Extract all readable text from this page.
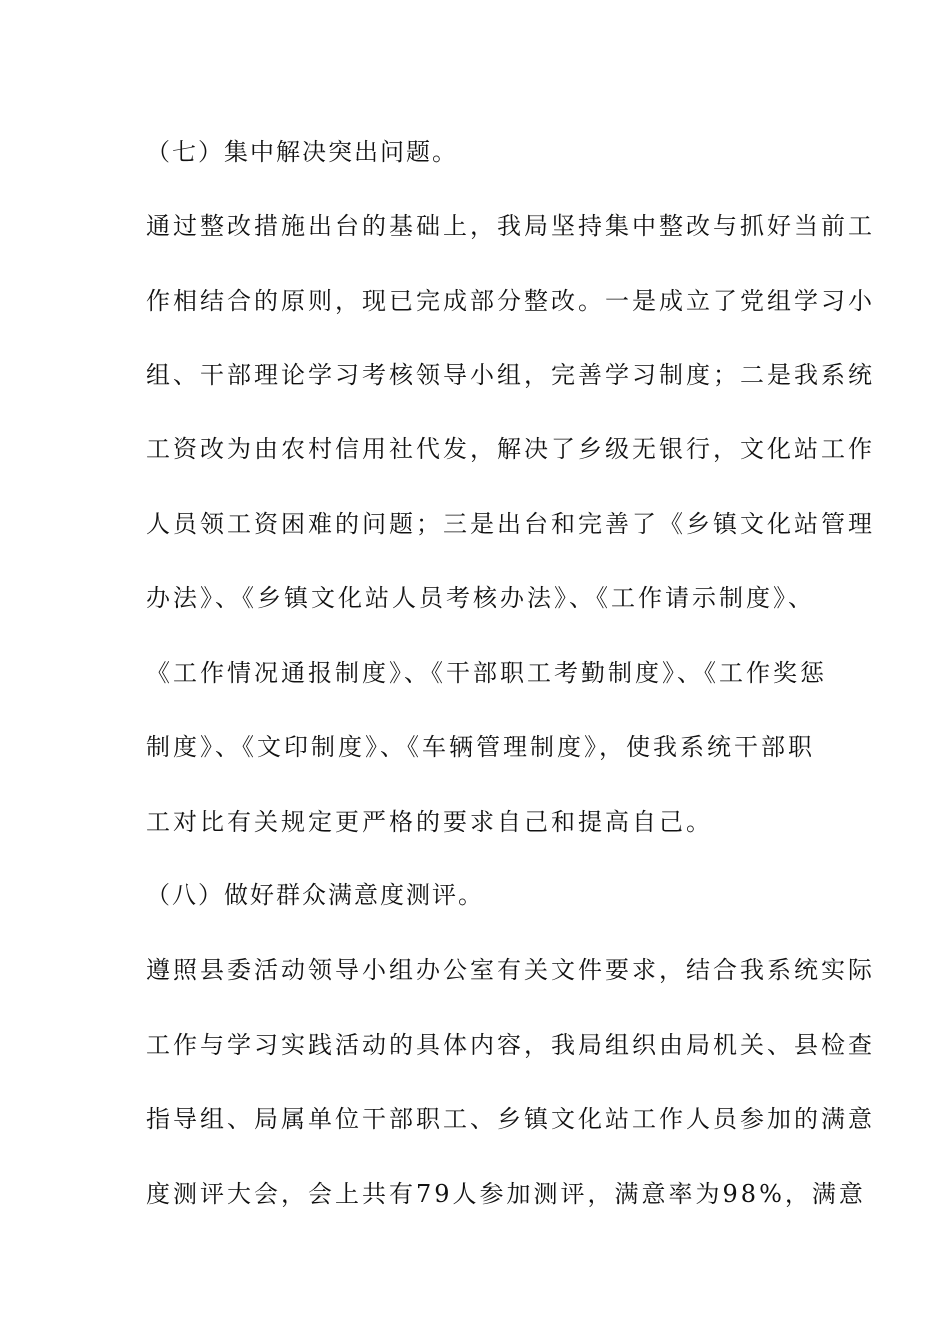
（七）集中解决突出问题。
通过整改措施出台的基础上，我局坚持集中整改与抓好当前工
作相结合的原则，现已完成部分整改。一是成立了党组学习小
组、干部理论学习考核领导小组，完善学习制度；二是我系统
工资改为由农村信用社代发，解决了乡级无银行，文化站工作
人员领工资困难的问题；三是出台和完善了《乡镇文化站管理
办法》、《乡镇文化站人员考核办法》、《工作请示制度》、
《工作情况通报制度》、《干部职工考勤制度》、《工作奖惩
制度》、《文印制度》、《车辆管理制度》，使我系统干部职
工对比有关规定更严格的要求自己和提高自己。
（八）做好群众满意度测评。
遵照县委活动领导小组办公室有关文件要求，结合我系统实际
工作与学习实践活动的具体内容，我局组织由局机关、县检查
指导组、局属单位干部职工、乡镇文化站工作人员参加的满意
度测评大会，会上共有79人参加测评，满意率为98%，满意
